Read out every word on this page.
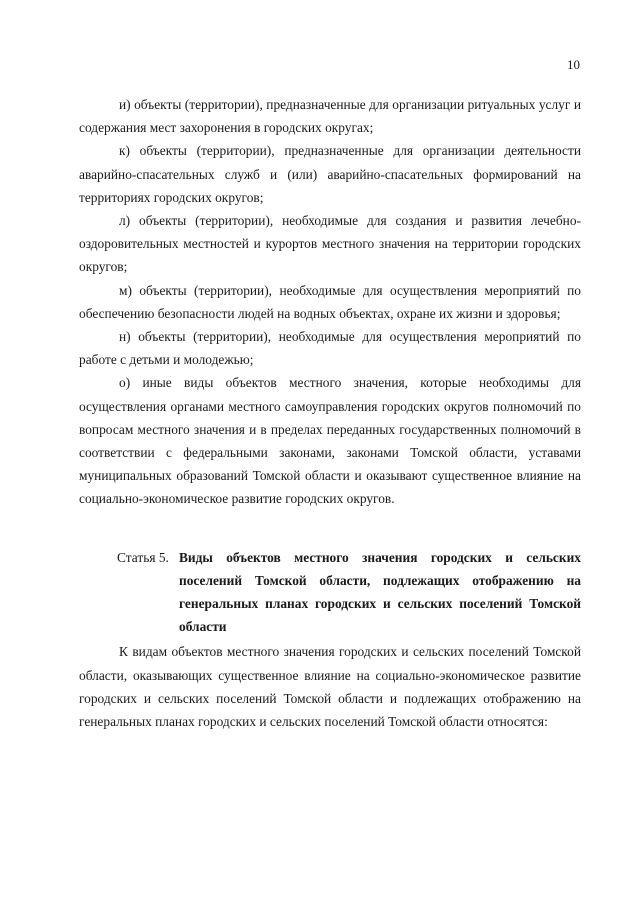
10

и) объекты (территории), предназначенные для организации ритуальных услуг и содержания мест захоронения в городских округах;

к) объекты (территории), предназначенные для организации деятельности аварийно-спасательных служб и (или) аварийно-спасательных формирований на территориях городских округов;

л) объекты (территории), необходимые для создания и развития лечебно-оздоровительных местностей и курортов местного значения на территории городских округов;

м) объекты (территории), необходимые для осуществления мероприятий по обеспечению безопасности людей на водных объектах, охране их жизни и здоровья;

н) объекты (территории), необходимые для осуществления мероприятий по работе с детьми и молодежью;

о) иные виды объектов местного значения, которые необходимы для осуществления органами местного самоуправления городских округов полномочий по вопросам местного значения и в пределах переданных государственных полномочий в соответствии с федеральными законами, законами Томской области, уставами муниципальных образований Томской области и оказывают существенное влияние на социально-экономическое развитие городских округов.

Статья 5. Виды объектов местного значения городских и сельских поселений Томской области, подлежащих отображению на генеральных планах городских и сельских поселений Томской области

К видам объектов местного значения городских и сельских поселений Томской области, оказывающих существенное влияние на социально-экономическое развитие городских и сельских поселений Томской области и подлежащих отображению на генеральных планах городских и сельских поселений Томской области относятся:
